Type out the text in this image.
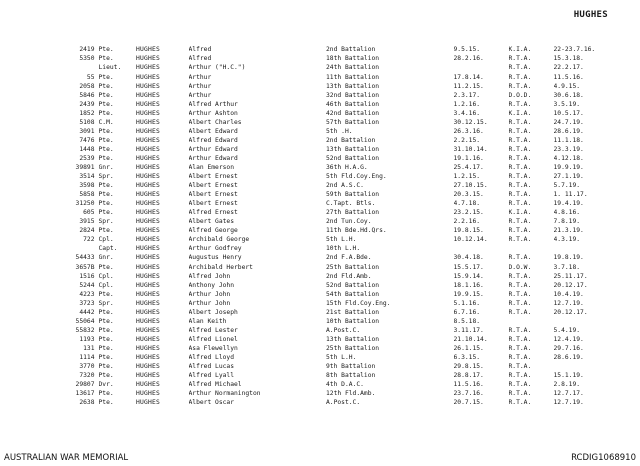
HUGHES
2419	Pte.	HUGHES	Alfred	2nd Battalion	9.5.15.	K.I.A.	22-23.7.16.
5350	Pte.	HUGHES	Alfred	18th Battalion	28.2.16.	R.T.A.	15.3.18.
	Lieut.	HUGHES	Arthur ("H.C.")	24th Battalion		R.T.A.	22.2.17.
55	Pte.	HUGHES	Arthur	11th Battalion	17.8.14.	R.T.A.	11.5.16.
2058	Pte.	HUGHES	Arthur	13th Battalion	11.2.15.	R.T.A.	4.9.15.
5846	Pte.	HUGHES	Arthur	32nd Battalion	2.3.17.	D.O.D.	30.6.18.
2439	Pte.	HUGHES	Alfred Arthur	46th Battalion	1.2.16.	R.T.A.	3.5.19.
1852	Pte.	HUGHES	Arthur Ashton	42nd Battalion	3.4.16.	K.I.A.	10.5.17.
5108	C.M.	HUGHES	Albert Charles	57th Battalion	30.12.15.	R.T.A.	24.7.19.
3091	Pte.	HUGHES	Albert Edward	5th .H.	26.3.16.	R.T.A.	28.6.19.
7476	Pte.	HUGHES	Alfred Edward	2nd Battalion	2.2.15.	R.T.A.	11.1.18.
1448	Pte.	HUGHES	Arthur Edward	13th Battalion	31.10.14.	R.T.A.	23.3.19.
2539	Pte.	HUGHES	Arthur Edward	52nd Battalion	19.1.16.	R.T.A.	4.12.18.
39891	Gnr.	HUGHES	Alan Emerson	36th H.A.G.	25.4.17.	R.T.A.	19.9.19.
3514	Spr.	HUGHES	Albert Ernest	5th Fld.Coy.Eng.	1.2.15.	R.T.A.	27.1.19.
3598	Pte.	HUGHES	Albert Ernest	2nd A.S.C.	27.10.15.	R.T.A.	5.7.19.
5858	Pte.	HUGHES	Albert Ernest	59th Battalion	20.3.15.	R.T.A.	1. 11.17.
31250	Pte.	HUGHES	Albert Ernest	C.Tapt. Btls.	4.7.18.	R.T.A.	19.4.19.
605	Pte.	HUGHES	Alfred Ernest	27th Battalion	23.2.15.	K.I.A.	4.8.16.
3915	Spr.	HUGHES	Albert Gates	2nd Tun.Coy.	2.2.16.	R.T.A.	7.8.19.
2824	Pte.	HUGHES	Alfred George	11th Bde.Hd.Qrs.	19.8.15.	R.T.A.	21.3.19.
722	Cpl.	HUGHES	Archibald George	5th L.H.	10.12.14.	R.T.A.	4.3.19.
	Capt.	HUGHES	Arthur Godfrey	10th L.H.			
54433	Gnr.	HUGHES	Augustus Henry	2nd F.A.Bde.	30.4.18.	R.T.A.	19.8.19.
3657B	Pte.	HUGHES	Archibald Herbert	25th Battalion	15.5.17.	D.O.W.	3.7.18.
1516	Cpl.	HUGHES	Alfred John	2nd Fld.Amb.	15.9.14.	R.T.A.	25.11.17.
5244	Cpl.	HUGHES	Anthony John	52nd Battalion	18.1.16.	R.T.A.	20.12.17.
4223	Pte.	HUGHES	Arthur John	54th Battalion	19.9.15.	R.T.A.	10.4.19.
3723	Spr.	HUGHES	Arthur John	15th Fld.Coy.Eng.	5.1.16.	R.T.A.	12.7.19.
4442	Pte.	HUGHES	Albert Joseph	21st Battalion	6.7.16.	R.T.A.	20.12.17.
55064	Pte.	HUGHES	Alan Keith	10th Battalion	8.5.18.		
55832	Pte.	HUGHES	Alfred Lester	A.Post.C.	3.11.17.	R.T.A.	5.4.19.
1193	Pte.	HUGHES	Alfred Lionel	13th Battalion	21.10.14.	R.T.A.	12.4.19.
131	Pte.	HUGHES	Asa Flewellyn	25th Battalion	26.1.15.	R.T.A.	29.7.16.
1114	Pte.	HUGHES	Alfred Lloyd	5th L.H.	6.3.15.	R.T.A.	28.6.19.
3770	Pte.	HUGHES	Alfred Lucas	9th Battalion	29.8.15.	R.T.A.	
7320	Pte.	HUGHES	Alfred Lyall	8th Battalion	28.8.17.	R.T.A.	15.1.19.
29807	Dvr.	HUGHES	Alfred Michael	4th D.A.C.	11.5.16.	R.T.A.	2.8.19.
13617	Pte.	HUGHES	Arthur Normanington	12th Fld.Amb.	23.7.16.	R.T.A.	12.7.17.
2638	Pte.	HUGHES	Albert Oscar	A.Post.C.	20.7.15.	R.T.A.	12.7.19.
AUSTRALIAN WAR MEMORIAL	RCDIG1068910
